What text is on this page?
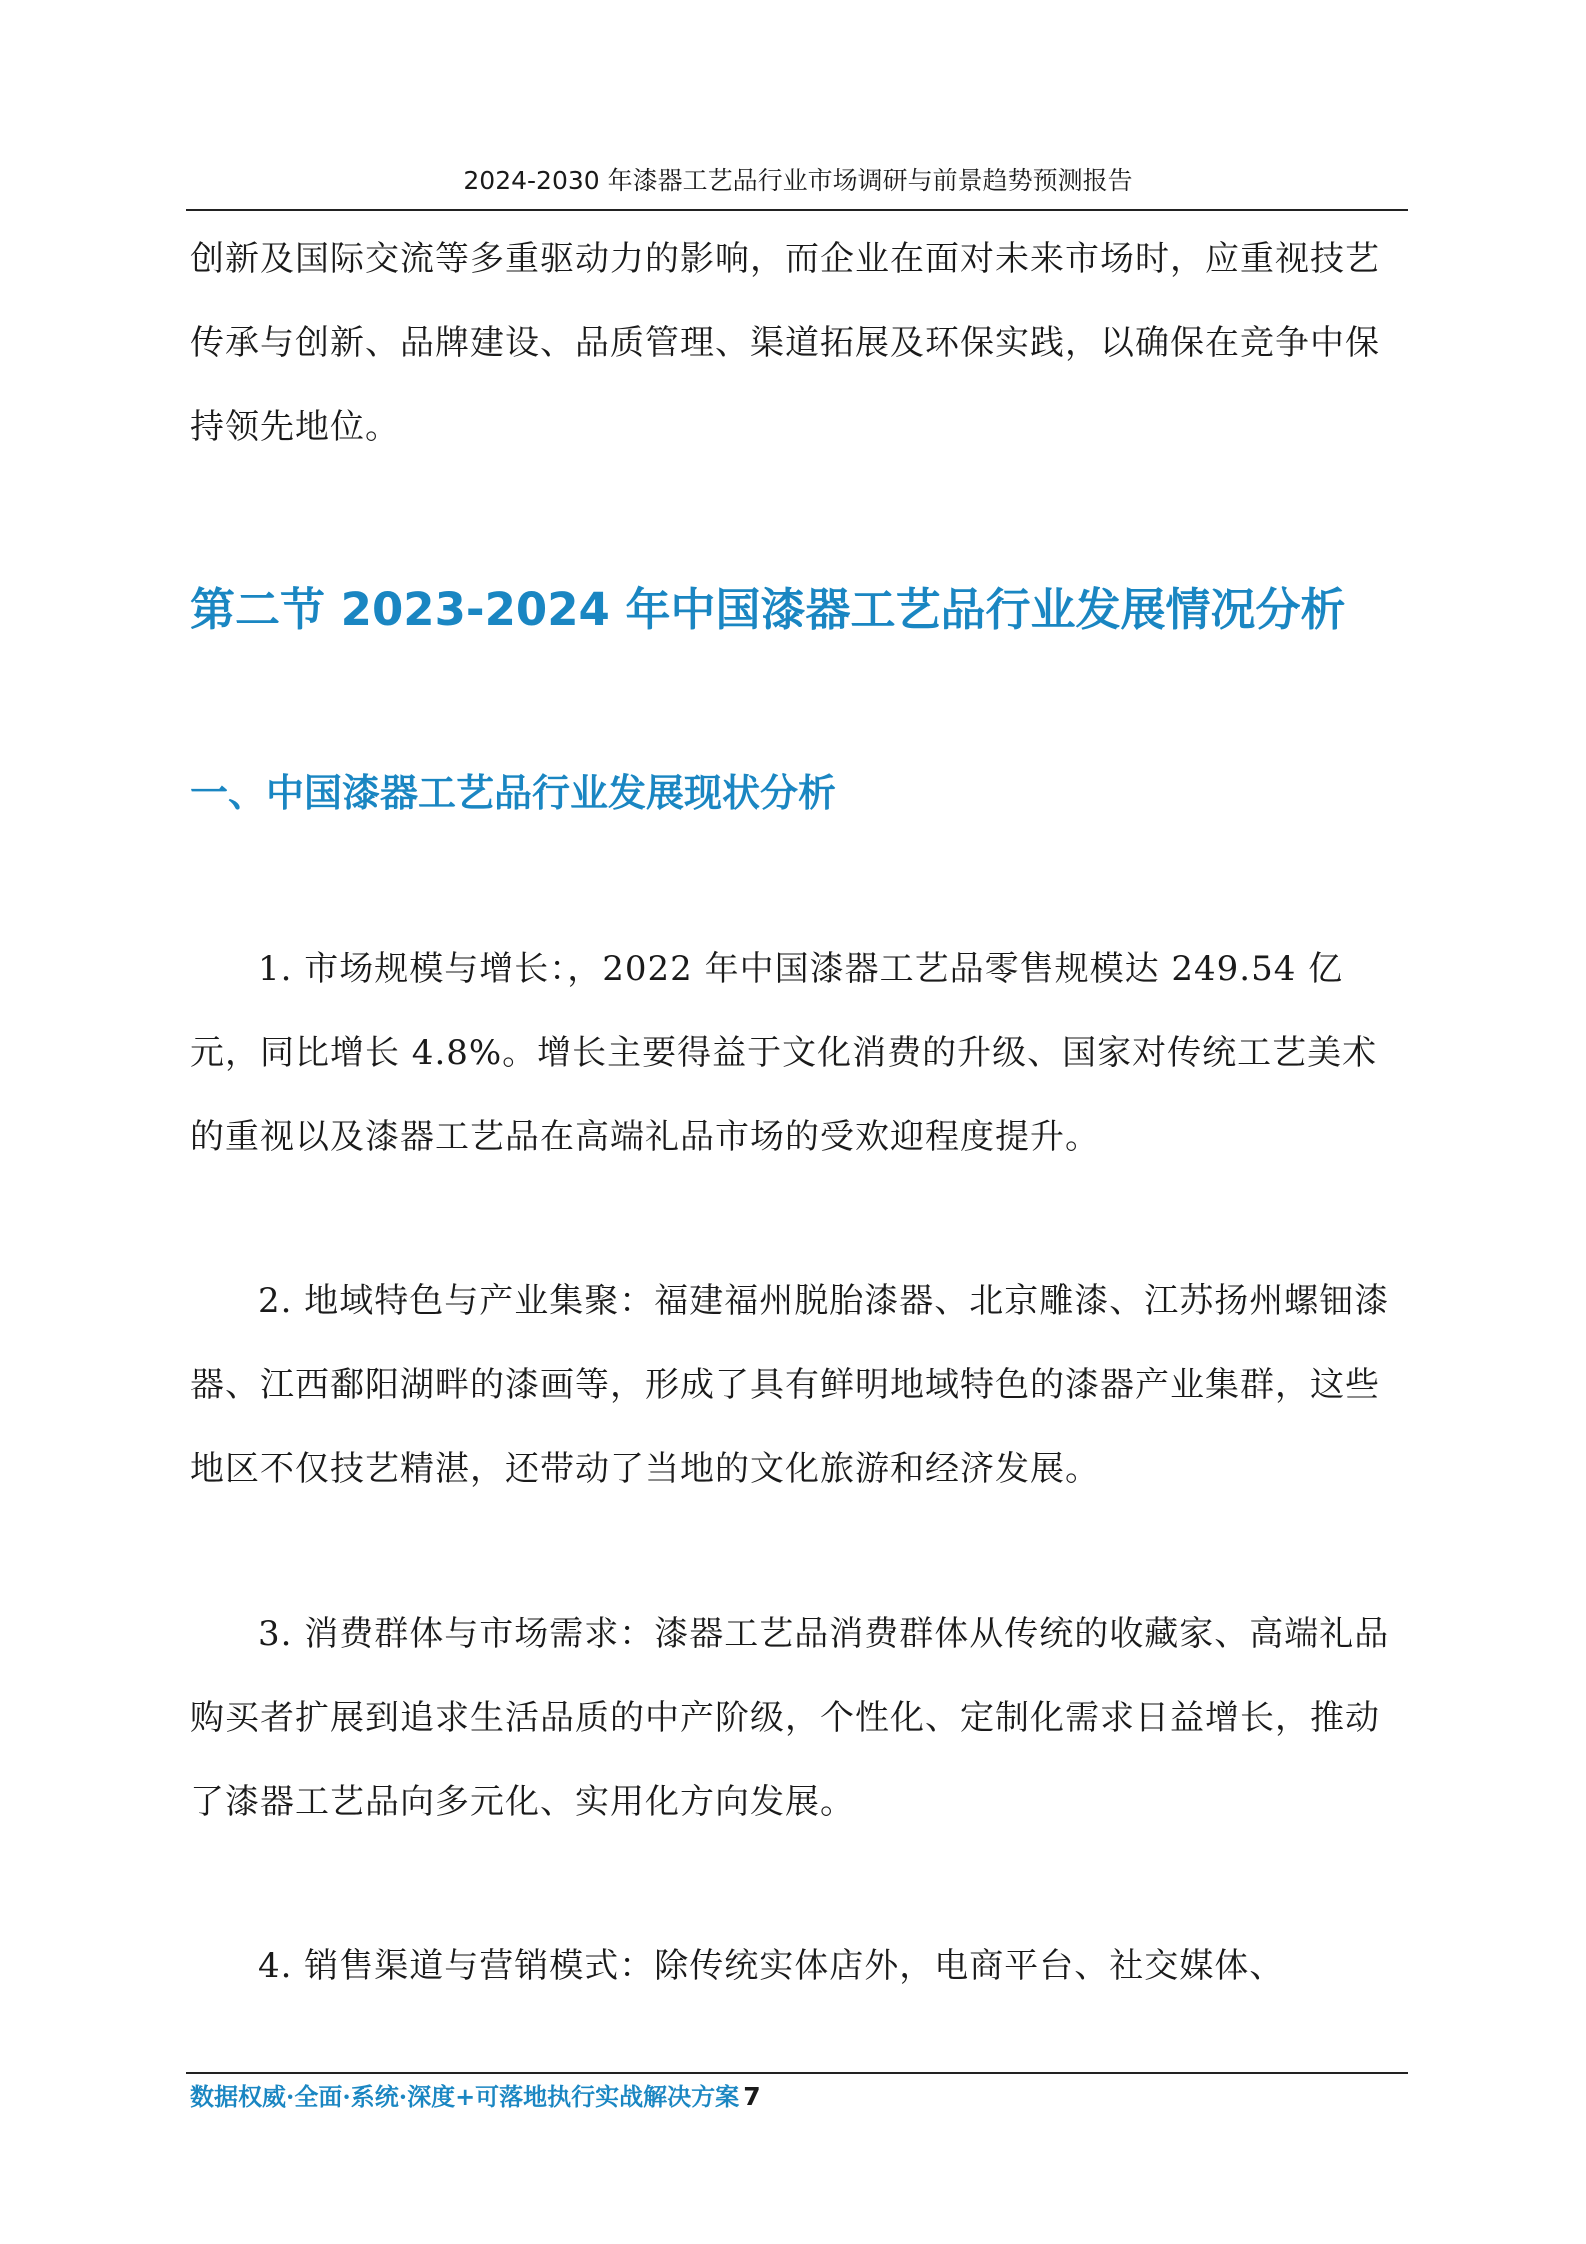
2024-2030 年漆器工艺品行业市场调研与前景趋势预测报告

创新及国际交流等多重驱动力的影响，而企业在面对未来市场时，应重视技艺传承与创新、品牌建设、品质管理、渠道拓展及环保实践，以确保在竞争中保持领先地位。

第二节 2023-2024 年中国漆器工艺品行业发展情况分析
一、中国漆器工艺品行业发展现状分析

1. 市场规模与增长：，2022 年中国漆器工艺品零售规模达 249.54 亿元，同比增长 4.8%。增长主要得益于文化消费的升级、国家对传统工艺美术的重视以及漆器工艺品在高端礼品市场的受欢迎程度提升。

2. 地域特色与产业集聚：福建福州脱胎漆器、北京雕漆、江苏扬州螺钿漆器、江西鄱阳湖畔的漆画等，形成了具有鲜明地域特色的漆器产业集群，这些地区不仅技艺精湛，还带动了当地的文化旅游和经济发展。

3. 消费群体与市场需求：漆器工艺品消费群体从传统的收藏家、高端礼品购买者扩展到追求生活品质的中产阶级，个性化、定制化需求日益增长，推动了漆器工艺品向多元化、实用化方向发展。

4. 销售渠道与营销模式：除传统实体店外，电商平台、社交媒体、

数据权威·全面·系统·深度+可落地执行实战解决方案 7
